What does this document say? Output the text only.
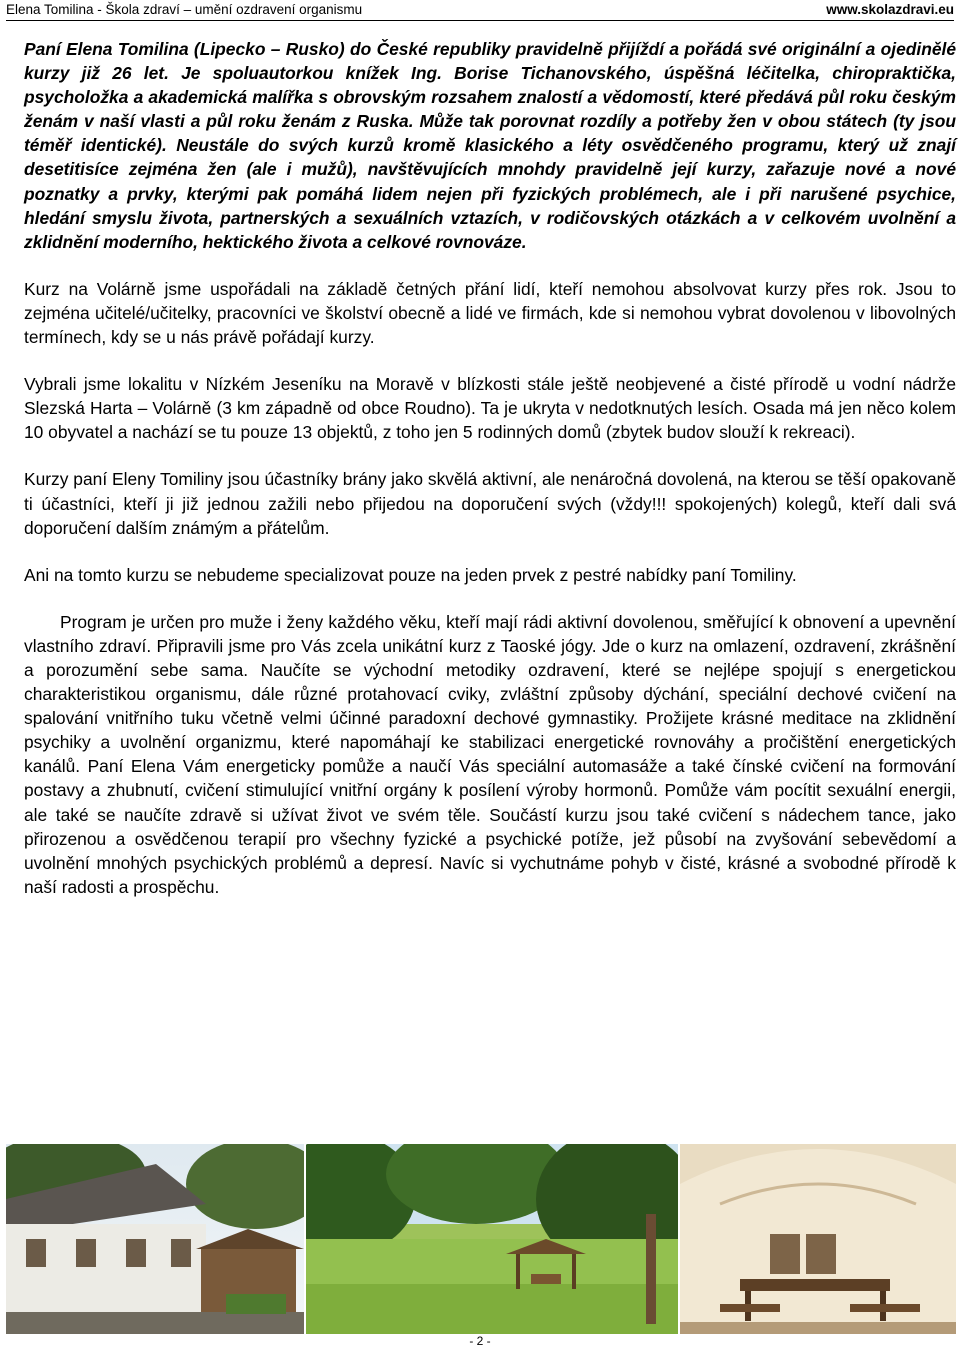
Elena Tomilina - Škola zdraví – umění ozdravení organismu	www.skolazdravi.eu

Paní Elena Tomilina (Lipecko – Rusko) do České republiky pravidelně přijíždí a pořádá své originální a ojedinělé kurzy již 26 let. Je spoluautorkou knížek Ing. Borise Tichanovského, úspěšná léčitelka, chiropraktička, psycholožka a akademická malířka s obrovským rozsahem znalostí a vědomostí, které předává půl roku českým ženám v naší vlasti a půl roku ženám z Ruska. Může tak porovnat rozdíly a potřeby žen v obou státech (ty jsou téměř identické). Neustále do svých kurzů kromě klasického a léty osvědčeného programu, který už znají desetitisíce zejména žen (ale i mužů), navštěvujících mnohdy pravidelně její kurzy, zařazuje nové a nové poznatky a prvky, kterými pak pomáhá lidem nejen při fyzických problémech, ale i při narušené psychice, hledání smyslu života, partnerských a sexuálních vztazích, v rodičovských otázkách a v celkovém uvolnění a zklidnění moderního, hektického života a celkové rovnováze.

Kurz na Volárně jsme uspořádali na základě četných přání lidí, kteří nemohou absolvovat kurzy přes rok. Jsou to zejména učitelé/učitelky, pracovníci ve školství obecně a lidé ve firmách, kde si nemohou vybrat dovolenou v libovolných termínech, kdy se u nás právě pořádají kurzy.

Vybrali jsme lokalitu v Nízkém Jeseníku na Moravě v blízkosti stále ještě neobjevené a čisté přírodě u vodní nádrže Slezská Harta – Volárně (3 km západně od obce Roudno). Ta je ukryta v nedotknutých lesích. Osada má jen něco kolem 10 obyvatel a nachází se tu pouze 13 objektů, z toho jen 5 rodinných domů (zbytek budov slouží k rekreaci).

Kurzy paní Eleny Tomiliny jsou účastníky brány jako skvělá aktivní, ale nenáročná dovolená, na kterou se těší opakovaně ti účastníci, kteří ji již jednou zažili nebo přijedou na doporučení svých (vždy!!! spokojených) kolegů, kteří dali svá doporučení dalším známým a přátelům.

Ani na tomto kurzu se nebudeme specializovat pouze na jeden prvek z pestré nabídky paní Tomiliny.

Program je určen pro muže i ženy každého věku, kteří mají rádi aktivní dovolenou, směřující k obnovení a upevnění vlastního zdraví. Připravili jsme pro Vás zcela unikátní kurz z Taoské jógy. Jde o kurz na omlazení, ozdravení, zkrášnění a porozumění sebe sama. Naučíte se východní metodiky ozdravení, které se nejlépe spojují s energetickou charakteristikou organismu, dále různé protahovací cviky, zvláštní způsoby dýchání, speciální dechové cvičení na spalování vnitřního tuku včetně velmi účinné paradoxní dechové gymnastiky. Prožijete krásné meditace na zklidnění psychiky a uvolnění organizmu, které napomáhají ke stabilizaci energetické rovnováhy a pročištění energetických kanálů. Paní Elena Vám energeticky pomůže a naučí Vás speciální automasáže a také čínské cvičení na formování postavy a zhubnutí, cvičení stimulující vnitřní orgány k posílení výroby hormonů. Pomůže vám pocítit sexuální energii, ale také se naučíte zdravě si užívat život ve svém těle. Součástí kurzu jsou také cvičení s nádechem tance, jako přirozenou a osvědčenou terapií pro všechny fyzické a psychické potíže, jež působí na zvyšování sebevědomí a uvolnění mnohých psychických problémů a depresí. Navíc si vychutnáme pohyb v čisté, krásné a svobodné přírodě k naší radosti a prospěchu.

- 2 -
